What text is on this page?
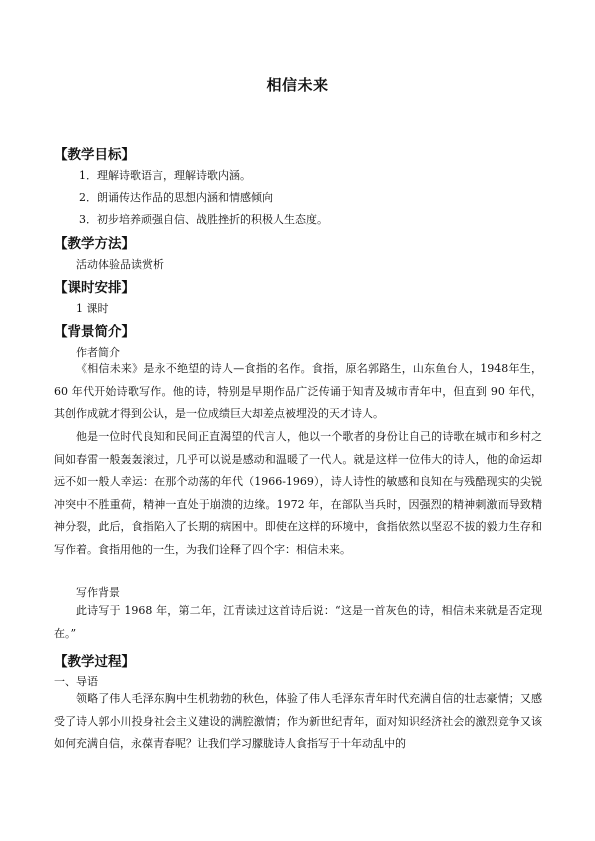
相信未来
【教学目标】
1．理解诗歌语言，理解诗歌内涵。
2．朗诵传达作品的思想内涵和情感倾向
3．初步培养顽强自信、战胜挫折的积极人生态度。
【教学方法】
活动体验品读赏析
【课时安排】
1 课时
【背景简介】
作者简介

《相信未来》是永不绝望的诗人—食指的名作。食指，原名郭路生，山东鱼台人，1948年生，60 年代开始诗歌写作。他的诗，特别是早期作品广泛传诵于知青及城市青年中，但直到 90 年代，其创作成就才得到公认，是一位成绩巨大却差点被埋没的天才诗人。

他是一位时代良知和民间正直渴望的代言人，他以一个歌者的身份让自己的诗歌在城市和乡村之间如春雷一般轰轰滚过，几乎可以说是感动和温暖了一代人。就是这样一位伟大的诗人，他的命运却远不如一般人幸运：在那个动荡的年代（1966-1969），诗人诗性的敏感和良知在与残酷现实的尖锐冲突中不胜重荷，精神一直处于崩溃的边缘。1972 年，在部队当兵时，因强烈的精神刺激而导致精神分裂，此后，食指陷入了长期的病困中。即使在这样的环境中，食指依然以坚忍不拔的毅力生存和写作着。食指用他的一生，为我们诠释了四个字：相信未来。

写作背景

此诗写于 1968 年，第二年，江青读过这首诗后说：“这是一首灰色的诗，相信未来就是否定现在。”

【教学过程】
一、导语

领略了伟人毛泽东胸中生机勃勃的秋色，体验了伟人毛泽东青年时代充满自信的壮志豪情；又感受了诗人郭小川投身社会主义建设的满腔激情；作为新世纪青年，面对知识经济社会的激烈竞争又该如何充满自信，永葆青春呢？让我们学习朦胧诗人食指写于十年动乱中的
